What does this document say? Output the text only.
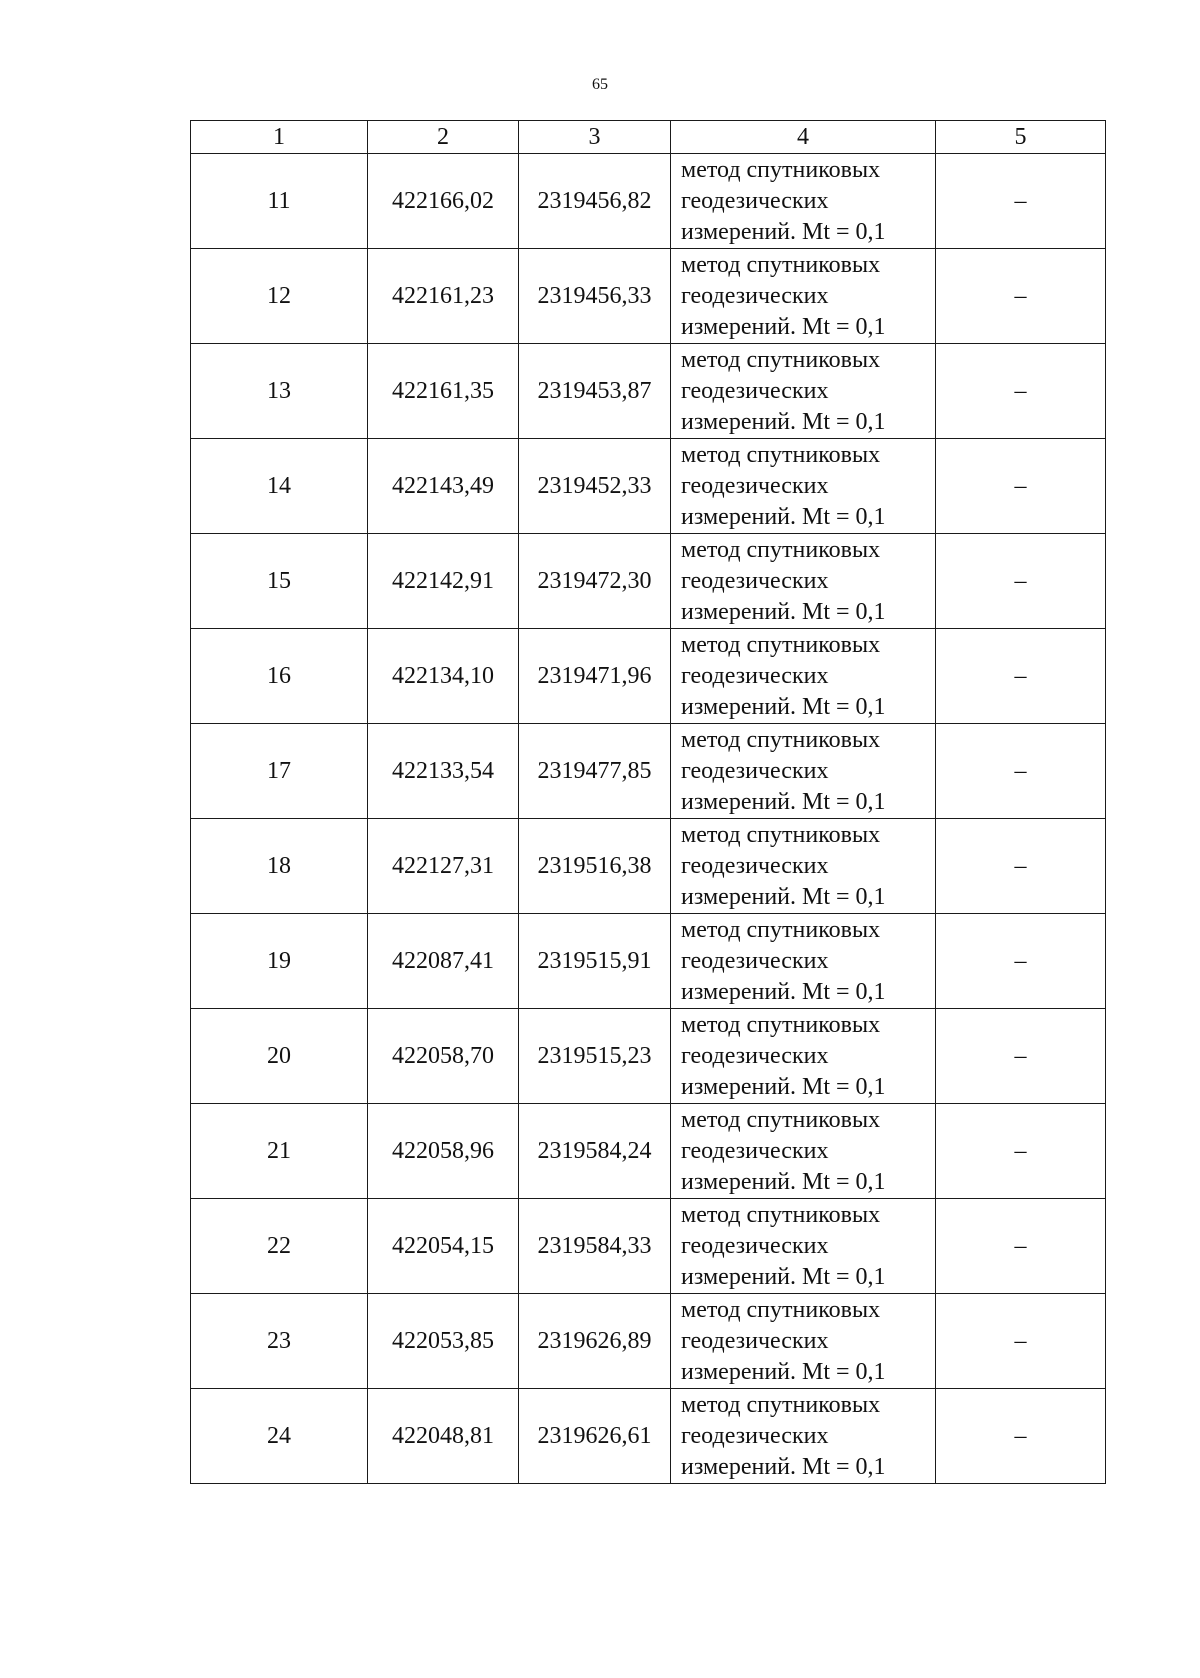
65
1	2	3	4	5
11	422166,02	2319456,82	метод спутниковых
геодезических
измерений. Mt = 0,1	–
12	422161,23	2319456,33	метод спутниковых
геодезических
измерений. Mt = 0,1	–
13	422161,35	2319453,87	метод спутниковых
геодезических
измерений. Mt = 0,1	–
14	422143,49	2319452,33	метод спутниковых
геодезических
измерений. Mt = 0,1	–
15	422142,91	2319472,30	метод спутниковых
геодезических
измерений. Mt = 0,1	–
16	422134,10	2319471,96	метод спутниковых
геодезических
измерений. Mt = 0,1	–
17	422133,54	2319477,85	метод спутниковых
геодезических
измерений. Mt = 0,1	–
18	422127,31	2319516,38	метод спутниковых
геодезических
измерений. Mt = 0,1	–
19	422087,41	2319515,91	метод спутниковых
геодезических
измерений. Mt = 0,1	–
20	422058,70	2319515,23	метод спутниковых
геодезических
измерений. Mt = 0,1	–
21	422058,96	2319584,24	метод спутниковых
геодезических
измерений. Mt = 0,1	–
22	422054,15	2319584,33	метод спутниковых
геодезических
измерений. Mt = 0,1	–
23	422053,85	2319626,89	метод спутниковых
геодезических
измерений. Mt = 0,1	–
24	422048,81	2319626,61	метод спутниковых
геодезических
измерений. Mt = 0,1	–
